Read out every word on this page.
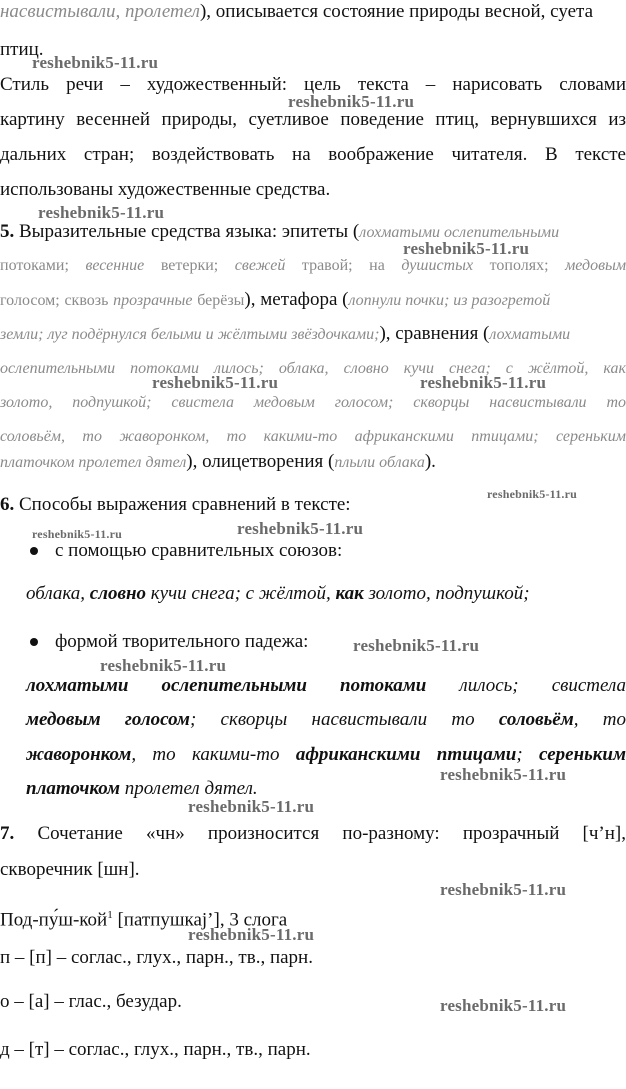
насвистывали, пролетел), описывается состояние природы весной, суета

птиц.

Стиль речи – художественный: цель текста – нарисовать словами

картину весенней природы, суетливое поведение птиц, вернувшихся из

дальних стран; воздействовать на воображение читателя. В тексте

использованы художественные средства.

5. Выразительные средства языка: эпитеты (лохматыми ослепительными

потоками; весенние ветерки; свежей травой; на душистых тополях; медовым

голосом; сквозь прозрачные берёзы), метафора (лопнули почки; из разогретой

земли; луг подёрнулся белыми и жёлтыми звёздочками;), сравнения (лохматыми

ослепительными потоками лилось; облака, словно кучи снега; с жёлтой, как

золото, подпушкой; свистела медовым голосом; скворцы насвистывали то

соловьём, то жаворонком, то какими-то африканскими птицами; сереньким

платочком пролетел дятел), олицетворения (плыли облака).

6. Способы выражения сравнений в тексте:

с помощью сравнительных союзов:

облака, словно кучи снега; с жёлтой, как золото, подпушкой;

формой творительного падежа:

лохматыми ослепительными потоками лилось; свистела

медовым голосом; скворцы насвистывали то соловьём, то

жаворонком, то какими-то африканскими птицами; сереньким

платочком пролетел дятел.

7. Сочетание «чн» произносится по-разному: прозрачный [ч’н],

скворечник [шн].

Под-пу́ш-кой$^1$ [патпушкај’], 3 слога

п – [п] – соглас., глух., парн., тв., парн.

о – [а] – глас., безудар.

д – [т] – соглас., глух., парн., тв., парн.

reshebnik5-11.ru
reshebnik5-11.ru
reshebnik5-11.ru
reshebnik5-11.ru
reshebnik5-11.ru	reshebnik5-11.ru
reshebnik5-11.ru
reshebnik5-11.ru	reshebnik5-11.ru
reshebnik5-11.ru
reshebnik5-11.ru
reshebnik5-11.ru
reshebnik5-11.ru
reshebnik5-11.ru
reshebnik5-11.ru
reshebnik5-11.ru
